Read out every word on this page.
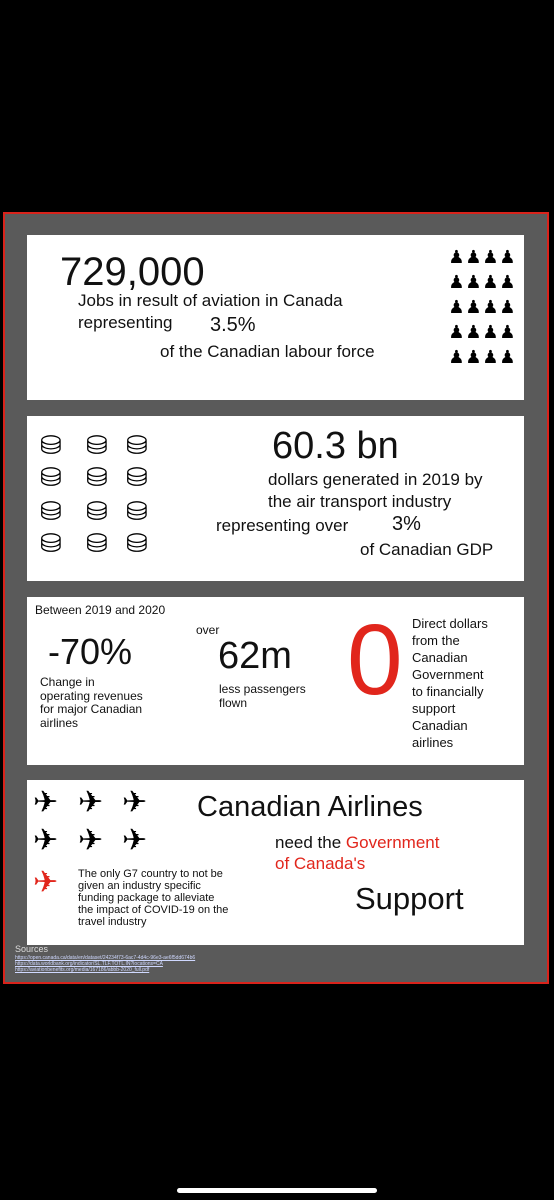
729,000
Jobs in result of aviation in Canada
representing 3.5%
of the Canadian labour force
♟♟♟♟♟♟♟♟♟♟♟♟♟♟♟♟♟♟♟♟
⛁ ⛁ ⛁
⛁ ⛁ ⛁
⛁ ⛁ ⛁
⛁ ⛁ ⛁
60.3 bn
dollars generated in 2019 by
the air transport industry
representing over 3%
of Canadian GDP
Between 2019 and 2020
-70%
Change in
operating revenues
for major Canadian
airlines
over
62m
less passengers
flown 0 Direct dollars
from the
Canadian
Government
to financially
support
Canadian
airlines
✈ ✈ ✈
✈ ✈ ✈
✈
Canadian Airlines
need the Government
of Canada's
Support
The only G7 country to not be
given an industry specific
funding package to alleviate
the impact of COVID-19 on the
travel industry
Sources
https://open.canada.ca/data/en/dataset/24234f73-6ac7-4d4c-96e3-ae6f5dd674b6
https://data.worldbank.org/indicator/SL.TLF.TOTL.IN?locations=CA
https://aviationbenefits.org/media/167186/abbb-2020_full.pdf
